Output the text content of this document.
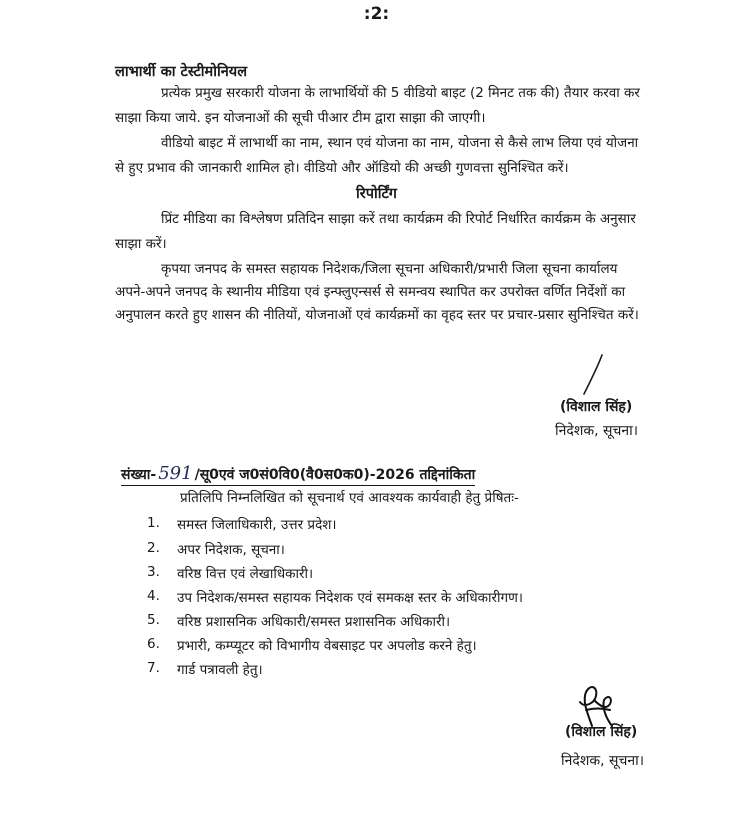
:2:
लाभार्थी का टेस्टीमोनियल
प्रत्येक प्रमुख सरकारी योजना के लाभार्थियों की 5 वीडियो बाइट (2 मिनट तक की) तैयार करवा कर
साझा किया जाये. इन योजनाओं की सूची पीआर टीम द्वारा साझा की जाएगी।
वीडियो बाइट में लाभार्थी का नाम, स्थान एवं योजना का नाम, योजना से कैसे लाभ लिया एवं योजना
से हुए प्रभाव की जानकारी शामिल हो। वीडियो और ऑडियो की अच्छी गुणवत्ता सुनिश्चित करें।
रिपोर्टिंग
प्रिंट मीडिया का विश्लेषण प्रतिदिन साझा करें तथा कार्यक्रम की रिपोर्ट निर्धारित कार्यक्रम के अनुसार
साझा करें।
कृपया जनपद के समस्त सहायक निदेशक/जिला सूचना अधिकारी/प्रभारी जिला सूचना कार्यालय
अपने-अपने जनपद के स्थानीय मीडिया एवं इन्फ्लुएन्सर्स से समन्वय स्थापित कर उपरोक्त वर्णित निर्देशों का
अनुपालन करते हुए शासन की नीतियों, योजनाओं एवं कार्यक्रमों का वृहद स्तर पर प्रचार-प्रसार सुनिश्चित करें।
(विशाल सिंह)
निदेशक, सूचना।
संख्या- 591 /सू0एवं ज0सं0वि0(वै0स0क0)-2026 तद्दिनांकिता
प्रतिलिपि निम्नलिखित को सूचनार्थ एवं आवश्यक कार्यवाही हेतु प्रेषितः-
1.	समस्त जिलाधिकारी, उत्तर प्रदेश।
2.	अपर निदेशक, सूचना।
3.	वरिष्ठ वित्त एवं लेखाधिकारी।
4.	उप निदेशक/समस्त सहायक निदेशक एवं समकक्ष स्तर के अधिकारीगण।
5.	वरिष्ठ प्रशासनिक अधिकारी/समस्त प्रशासनिक अधिकारी।
6.	प्रभारी, कम्प्यूटर को विभागीय वेबसाइट पर अपलोड करने हेतु।
7.	गार्ड पत्रावली हेतु।
(विशाल सिंह)
निदेशक, सूचना।
